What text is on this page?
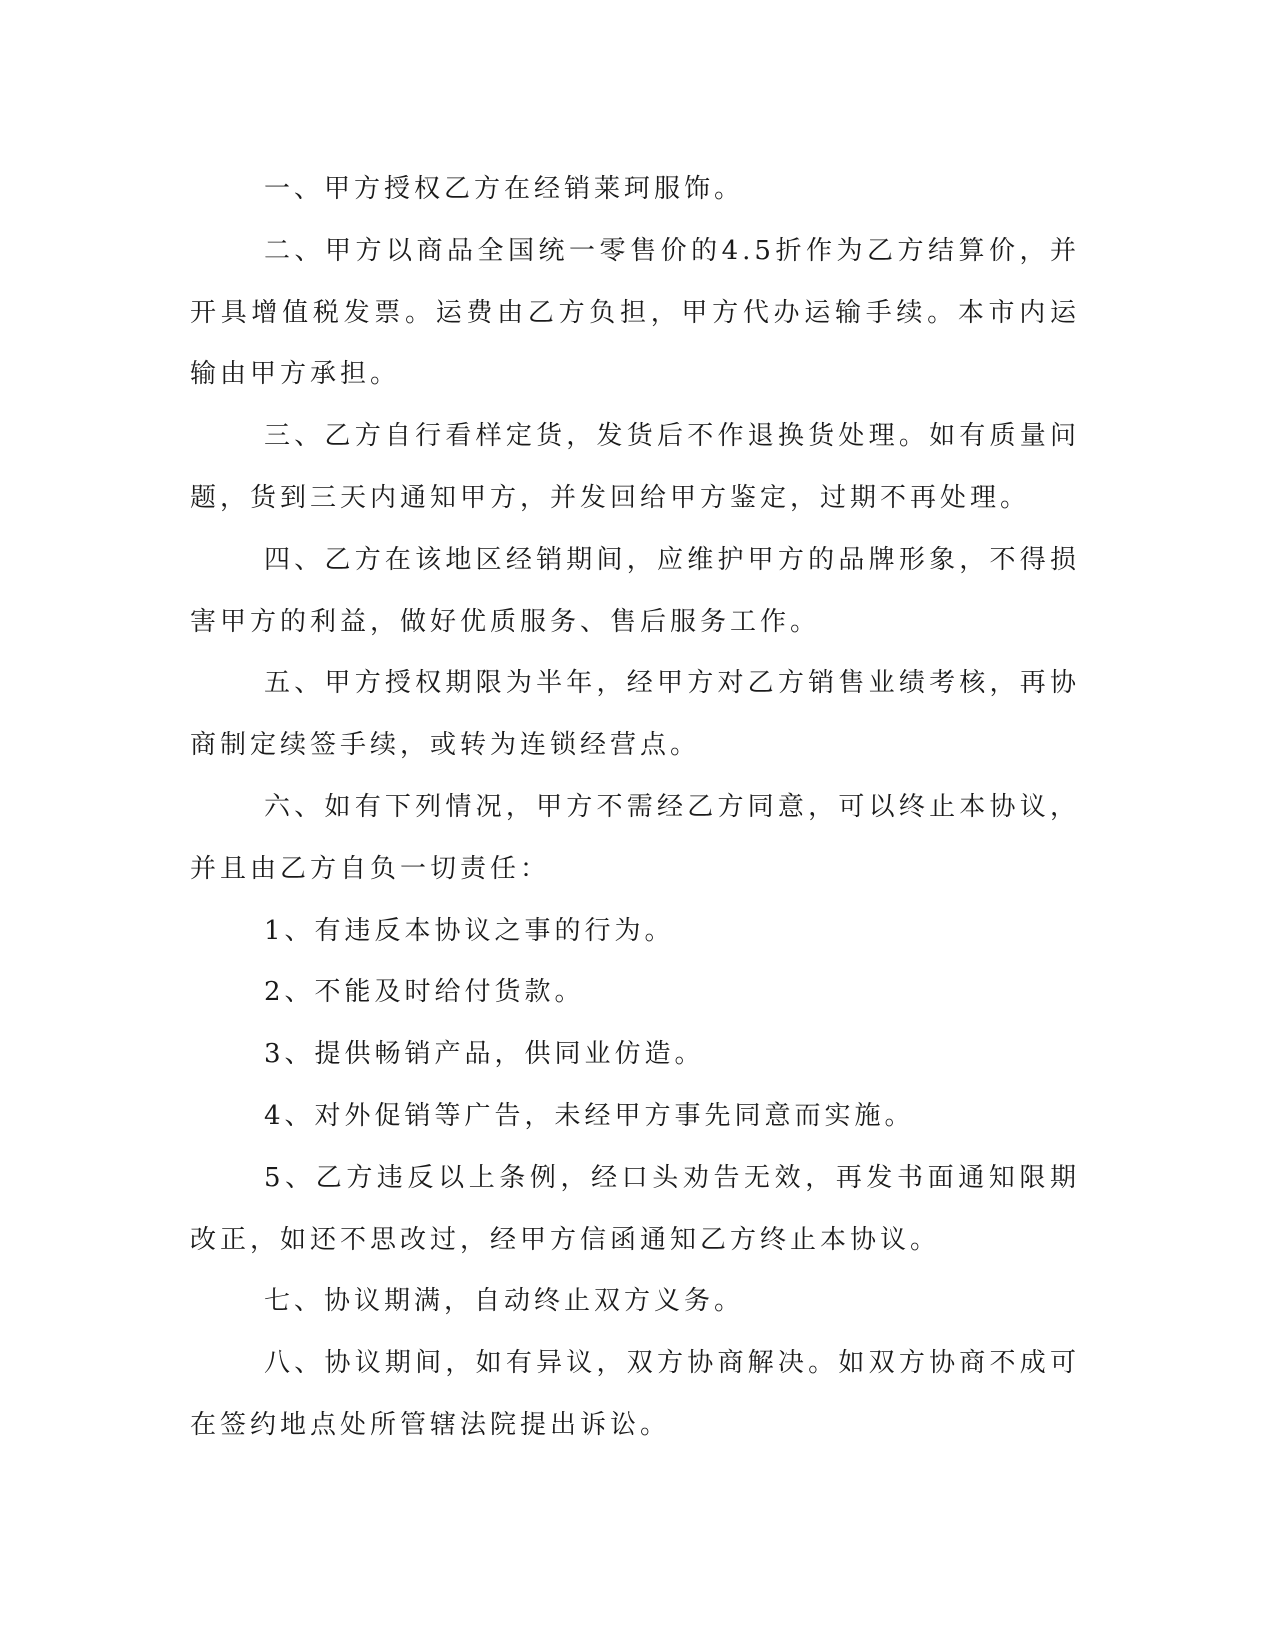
一、甲方授权乙方在经销莱珂服饰。

二、甲方以商品全国统一零售价的4.5折作为乙方结算价，并开具增值税发票。运费由乙方负担，甲方代办运输手续。本市内运输由甲方承担。

三、乙方自行看样定货，发货后不作退换货处理。如有质量问题，货到三天内通知甲方，并发回给甲方鉴定，过期不再处理。

四、乙方在该地区经销期间，应维护甲方的品牌形象，不得损害甲方的利益，做好优质服务、售后服务工作。

五、甲方授权期限为半年，经甲方对乙方销售业绩考核，再协商制定续签手续，或转为连锁经营点。

六、如有下列情况，甲方不需经乙方同意，可以终止本协议，并且由乙方自负一切责任：

1、有违反本协议之事的行为。

2、不能及时给付货款。

3、提供畅销产品，供同业仿造。

4、对外促销等广告，未经甲方事先同意而实施。

5、乙方违反以上条例，经口头劝告无效，再发书面通知限期改正，如还不思改过，经甲方信函通知乙方终止本协议。

七、协议期满，自动终止双方义务。

八、协议期间，如有异议，双方协商解决。如双方协商不成可在签约地点处所管辖法院提出诉讼。
